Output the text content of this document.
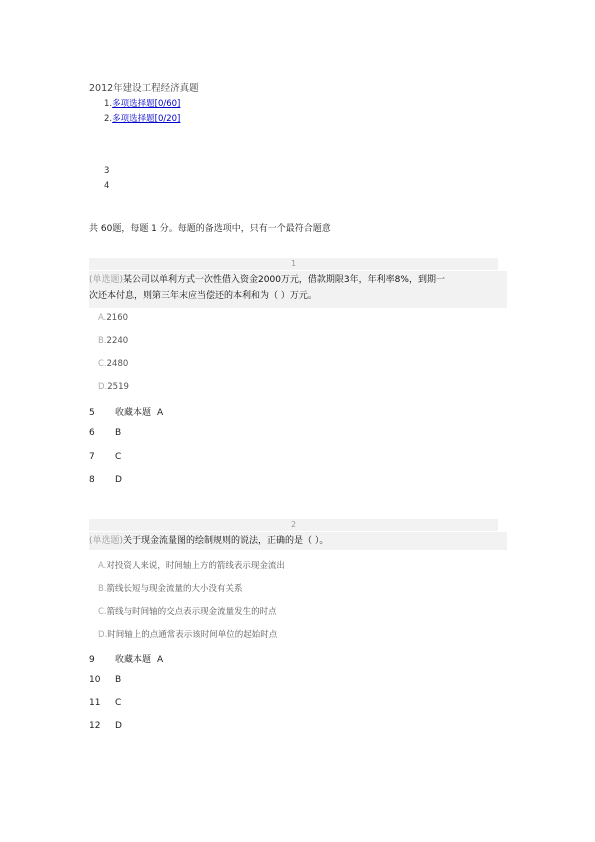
2012年建设工程经济真题
1.多项选择题[0/60]
2.多项选择题[0/20]
3
4
共 60题，每题 1 分。每题的备选项中，只有一个最符合题意
1
(单选题)某公司以单利方式一次性借入资金2000万元，借款期限3年，年利率8%，到期一
次还本付息，则第三年末应当偿还的本利和为（ ）万元。
A.2160
B.2240
C.2480
D.2519
5 收藏本题 A
6 B
7 C
8 D
2
(单选题)关于现金流量图的绘制规则的说法，正确的是（ ）。
A.对投资人来说，时间轴上方的箭线表示现金流出
B.箭线长短与现金流量的大小没有关系
C.箭线与时间轴的交点表示现金流量发生的时点
D.时间轴上的点通常表示该时间单位的起始时点
9 收藏本题 A
10 B
11 C
12 D
